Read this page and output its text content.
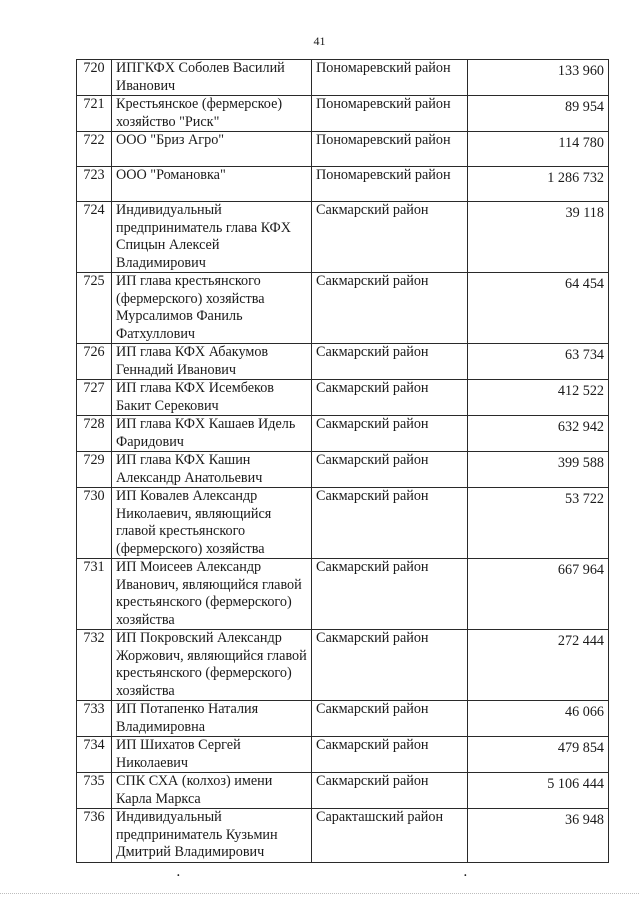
41
720	ИПГКФХ Соболев Василий Иванович	Пономаревский район	133 960
721	Крестьянское (фермерское) хозяйство "Риск"	Пономаревский район	89 954
722	ООО "Бриз Агро"	Пономаревский район	114 780
723	ООО "Романовка"	Пономаревский район	1 286 732
724	Индивидуальный предприниматель глава КФХ Спицын Алексей Владимирович	Сакмарский район	39 118
725	ИП глава крестьянского (фермерского) хозяйства Мурсалимов Фаниль Фатхуллович	Сакмарский район	64 454
726	ИП глава КФХ Абакумов Геннадий Иванович	Сакмарский район	63 734
727	ИП глава КФХ Исембеков Бакит Серекович	Сакмарский район	412 522
728	ИП глава КФХ Кашаев Идель Фаридович	Сакмарский район	632 942
729	ИП глава КФХ Кашин Александр Анатольевич	Сакмарский район	399 588
730	ИП Ковалев Александр Николаевич, являющийся главой крестьянского (фермерского) хозяйства	Сакмарский район	53 722
731	ИП Моисеев Александр Иванович, являющийся главой крестьянского (фермерского) хозяйства	Сакмарский район	667 964
732	ИП Покровский Александр Жоржович, являющийся главой крестьянского (фермерского) хозяйства	Сакмарский район	272 444
733	ИП Потапенко Наталия Владимировна	Сакмарский район	46 066
734	ИП Шихатов Сергей Николаевич	Сакмарский район	479 854
735	СПК СХА (колхоз) имени Карла Маркса	Сакмарский район	5 106 444
736	Индивидуальный предприниматель Кузьмин Дмитрий Владимирович	Саракташский район	36 948
․	․
